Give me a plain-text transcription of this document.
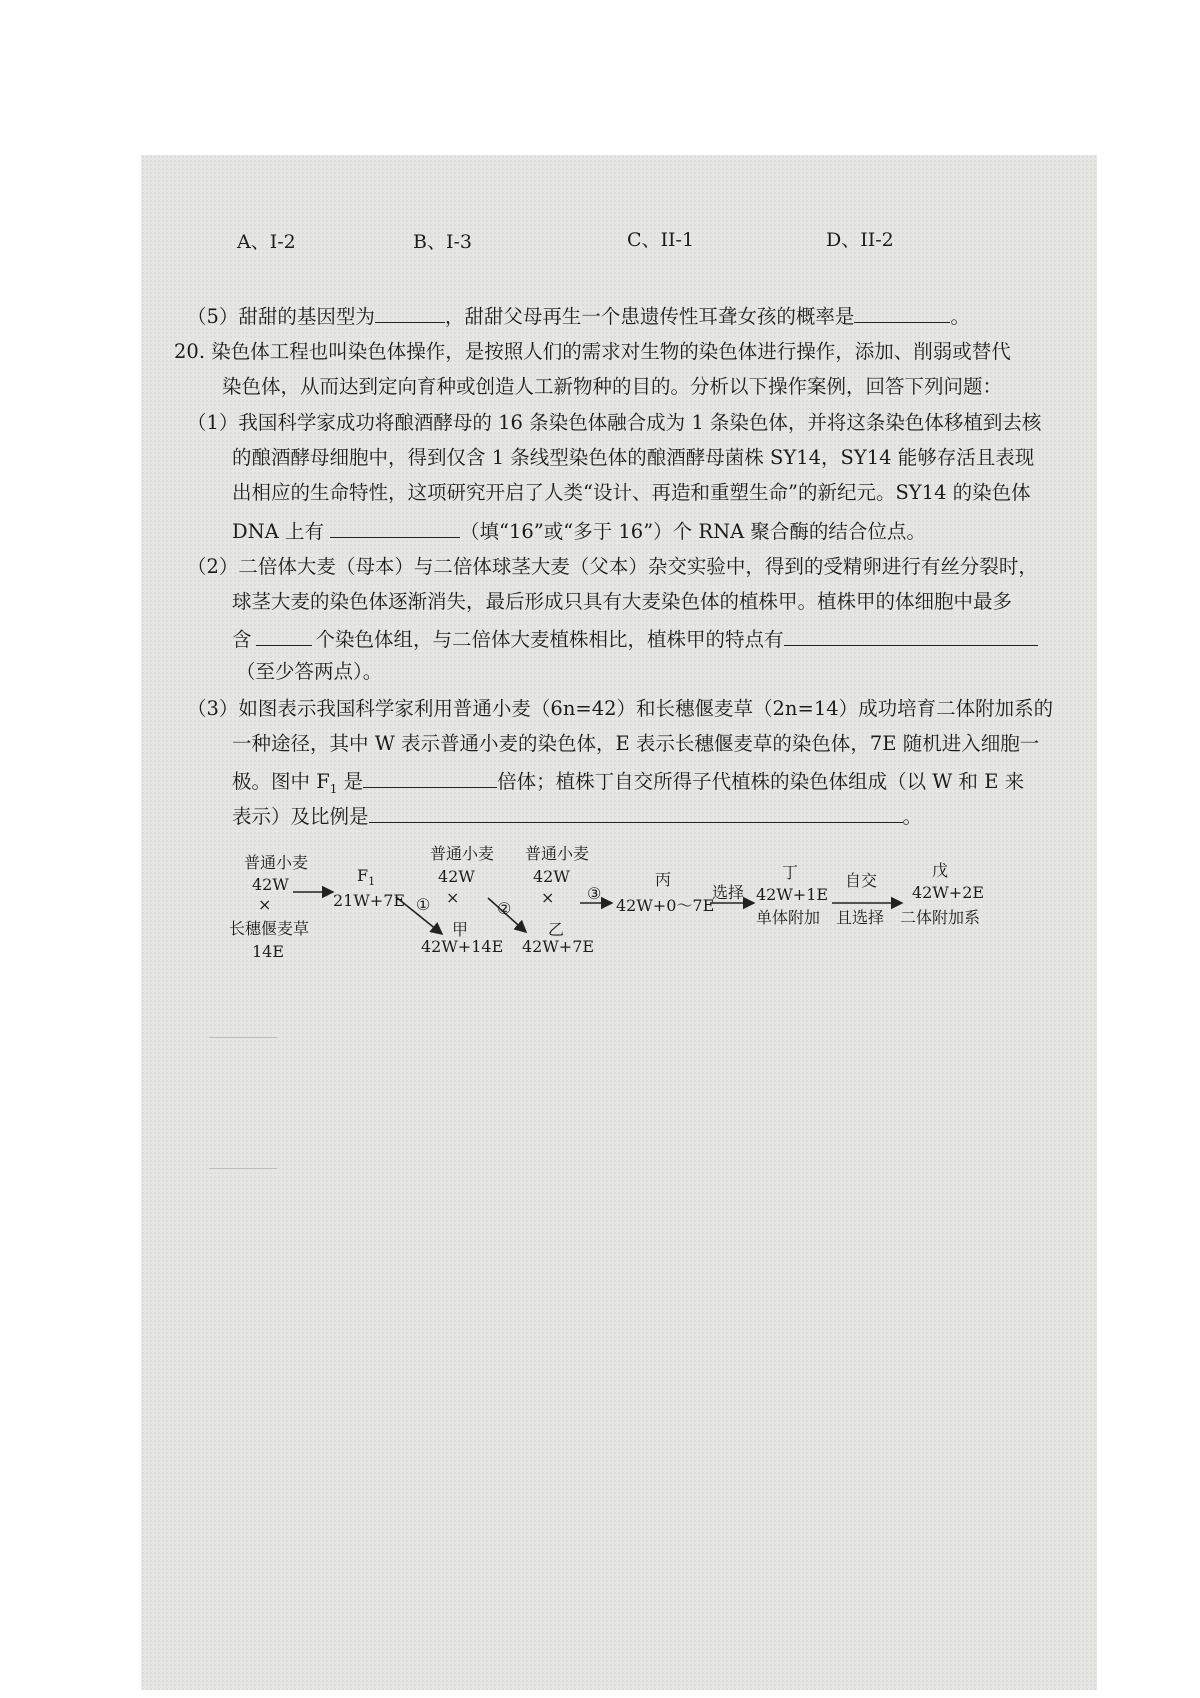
A、I-2	B、I-3	C、II-1	D、II-2
（5）甜甜的基因型为	，甜甜父母再生一个患遗传性耳聋女孩的概率是	。
20. 染色体工程也叫染色体操作，是按照人们的需求对生物的染色体进行操作，添加、削弱或替代
染色体，从而达到定向育种或创造人工新物种的目的。分析以下操作案例，回答下列问题：
（1）我国科学家成功将酿酒酵母的 16 条染色体融合成为 1 条染色体，并将这条染色体移植到去核
的酿酒酵母细胞中，得到仅含 1 条线型染色体的酿酒酵母菌株 SY14，SY14 能够存活且表现
出相应的生命特性，这项研究开启了人类“设计、再造和重塑生命”的新纪元。SY14 的染色体
DNA 上有	（填“16”或“多于 16”）个 RNA 聚合酶的结合位点。
（2）二倍体大麦（母本）与二倍体球茎大麦（父本）杂交实验中，得到的受精卵进行有丝分裂时，
球茎大麦的染色体逐渐消失，最后形成只具有大麦染色体的植株甲。植株甲的体细胞中最多
含	个染色体组，与二倍体大麦植株相比，植株甲的特点有
（至少答两点）。
（3）如图表示我国科学家利用普通小麦（6n=42）和长穗偃麦草（2n=14）成功培育二体附加系的
一种途径，其中 W 表示普通小麦的染色体，E 表示长穗偃麦草的染色体，7E 随机进入细胞一
极。图中 $F_1$ 是	倍体；植株丁自交所得子代植株的染色体组成（以 W 和 E 来
表示）及比例是	。
普通小麦
42W
×
长穗偃麦草
14E
$F_1$
21W+7E ①
普通小麦
42W
×
甲
42W+14E
②
普通小麦
42W
×
乙
42W+7E
③
丙
42W+0～7E
选择
丁
42W+1E
单体附加
自交
且选择
戊
42W+2E
二体附加系
